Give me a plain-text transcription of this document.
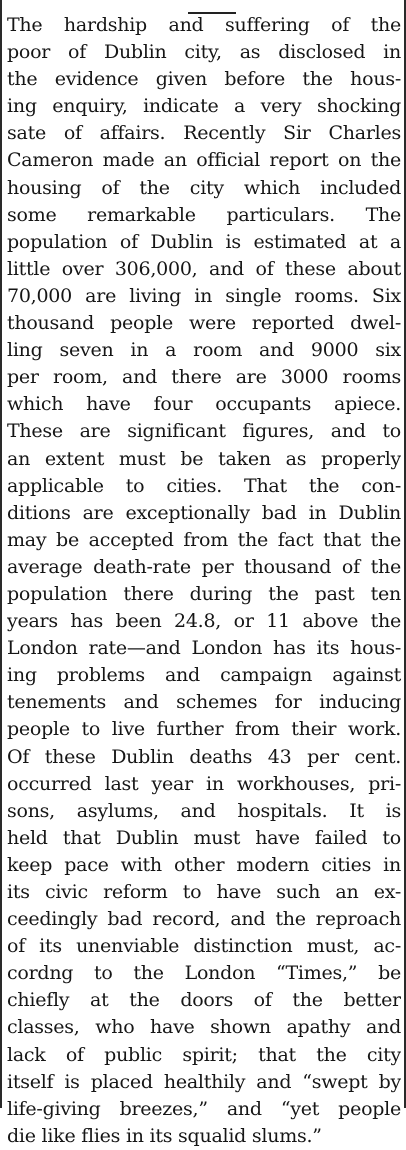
The hardship and suffering of the
poor of Dublin city, as disclosed in
the evidence given before the hous-
ing enquiry, indicate a very shocking
sate of affairs. Recently Sir Charles
Cameron made an official report on the
housing of the city which included
some remarkable particulars. The
population of Dublin is estimated at a
little over 306,000, and of these about
70,000 are living in single rooms. Six
thousand people were reported dwel-
ling seven in a room and 9000 six
per room, and there are 3000 rooms
which have four occupants apiece.
These are significant figures, and to
an extent must be taken as properly
applicable to cities. That the con-
ditions are exceptionally bad in Dublin
may be accepted from the fact that the
average death-rate per thousand of the
population there during the past ten
years has been 24.8, or 11 above the
London rate—and London has its hous-
ing problems and campaign against
tenements and schemes for inducing
people to live further from their work.
Of these Dublin deaths 43 per cent.
occurred last year in workhouses, pri-
sons, asylums, and hospitals. It is
held that Dublin must have failed to
keep pace with other modern cities in
its civic reform to have such an ex-
ceedingly bad record, and the reproach
of its unenviable distinction must, ac-
cordng to the London “Times,” be
chiefly at the doors of the better
classes, who have shown apathy and
lack of public spirit; that the city
itself is placed healthily and “swept by
life-giving breezes,” and “yet people
die like flies in its squalid slums.”
